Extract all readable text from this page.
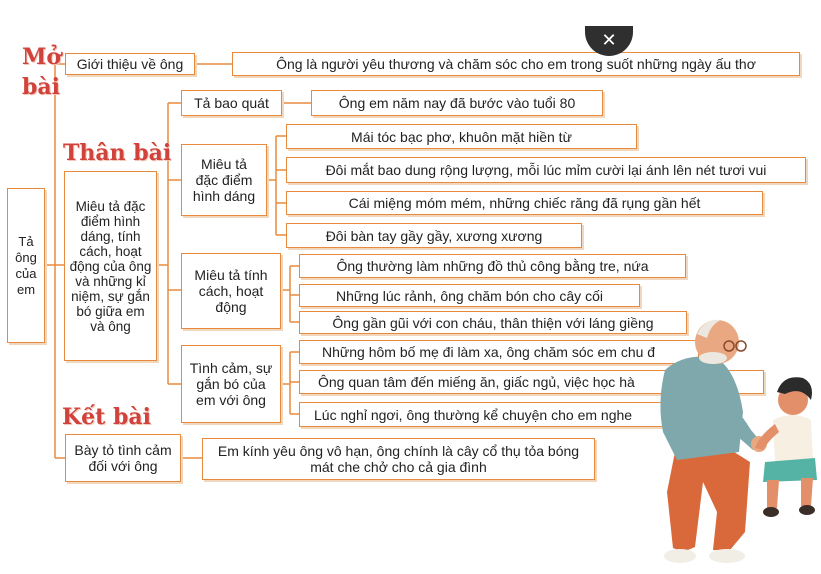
Mở
bài
Thân bài
Kết bài
Tả ông của em
Giới thiệu về ông	Ông là người yêu thương và chăm sóc cho em trong suốt những ngày ấu thơ
Miêu tả đặc điểm hình dáng, tính cách, hoạt động của ông và những kỉ niệm, sự gắn bó giữa em và ông
Tả bao quát	Ông em năm nay đã bước vào tuổi 80
Miêu tả đặc điểm hình dáng
Mái tóc bạc phơ, khuôn mặt hiền từ
Đôi mắt bao dung rộng lượng, mỗi lúc mỉm cười lại ánh lên nét tươi vui
Cái miệng móm mém, những chiếc răng đã rụng gần hết
Đôi bàn tay gầy gầy, xương xương
Miêu tả tính cách, hoạt động
Ông thường làm những đồ thủ công bằng tre, nứa
Những lúc rảnh, ông chăm bón cho cây cối
Ông gần gũi với con cháu, thân thiện với láng giềng
Tình cảm, sự gắn bó của em với ông
Những hôm bố mẹ đi làm xa, ông chăm sóc em chu đ
Ông quan tâm đến miếng ăn, giấc ngủ, việc học hà
Lúc nghỉ ngơi, ông thường kể chuyện cho em nghe
Bày tỏ tình cảm đối với ông
Em kính yêu ông vô hạn, ông chính là cây cổ thụ tỏa bóng mát che chở cho cả gia đình
✕
